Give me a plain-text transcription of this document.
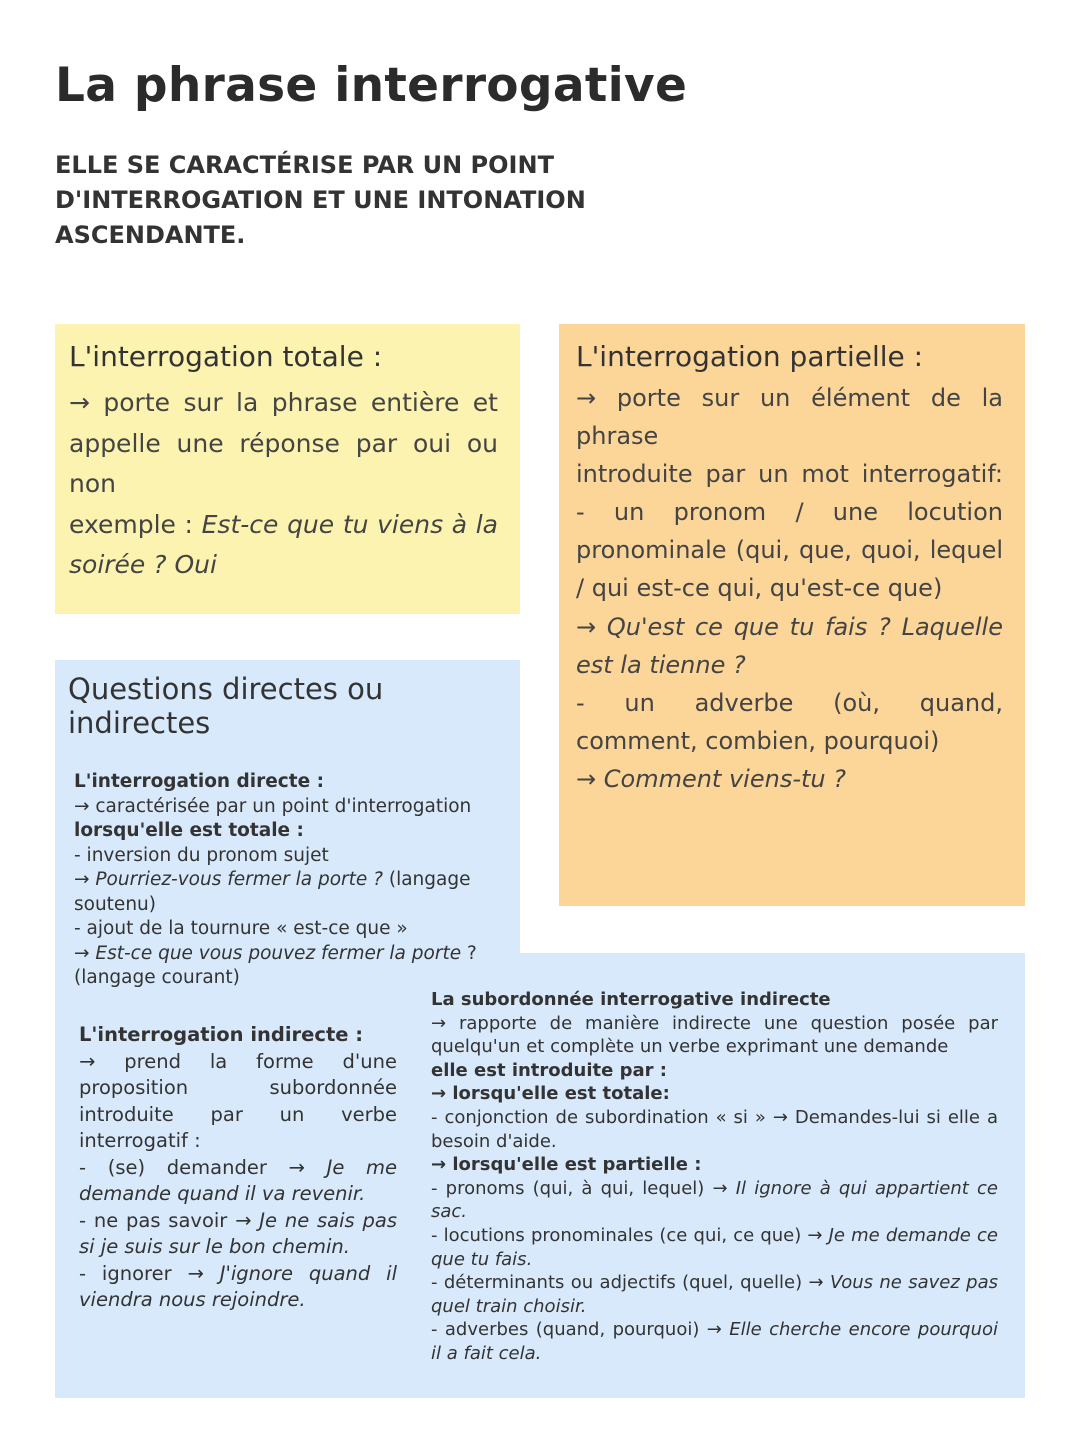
La phrase interrogative

ELLE SE CARACTÉRISE PAR UN POINT D'INTERROGATION ET UNE INTONATION ASCENDANTE.

L'interrogation totale :
→ porte sur la phrase entière et appelle une réponse par oui ou non
exemple : Est-ce que tu viens à la soirée ? Oui
L'interrogation partielle :
→ porte sur un élément de la phrase
introduite par un mot interrogatif:
- un pronom / une locution pronominale (qui, que, quoi, lequel / qui est-ce qui, qu'est-ce que)
→ Qu'est ce que tu fais ? Laquelle est la tienne ?
- un adverbe (où, quand, comment, combien, pourquoi)
→ Comment viens-tu ?
Questions directes ou indirectes
L'interrogation directe :
→ caractérisée par un point d'interrogation
lorsqu'elle est totale :
- inversion du pronom sujet
→ Pourriez-vous fermer la porte ? (langage soutenu)
- ajout de la tournure « est-ce que »
→ Est-ce que vous pouvez fermer la porte ? (langage courant)
L'interrogation indirecte :
→ prend la forme d'une proposition subordonnée introduite par un verbe interrogatif :
- (se) demander → Je me demande quand il va revenir.
- ne pas savoir → Je ne sais pas si je suis sur le bon chemin.
- ignorer → J'ignore quand il viendra nous rejoindre.
La subordonnée interrogative indirecte
→ rapporte de manière indirecte une question posée par quelqu'un et complète un verbe exprimant une demande
elle est introduite par :
→ lorsqu'elle est totale:
- conjonction de subordination « si » → Demandes-lui si elle a besoin d'aide.
→ lorsqu'elle est partielle :
- pronoms (qui, à qui, lequel) → Il ignore à qui appartient ce sac.
- locutions pronominales (ce qui, ce que) → Je me demande ce que tu fais.
- déterminants ou adjectifs (quel, quelle) → Vous ne savez pas quel train choisir.
- adverbes (quand, pourquoi) → Elle cherche encore pourquoi il a fait cela.
